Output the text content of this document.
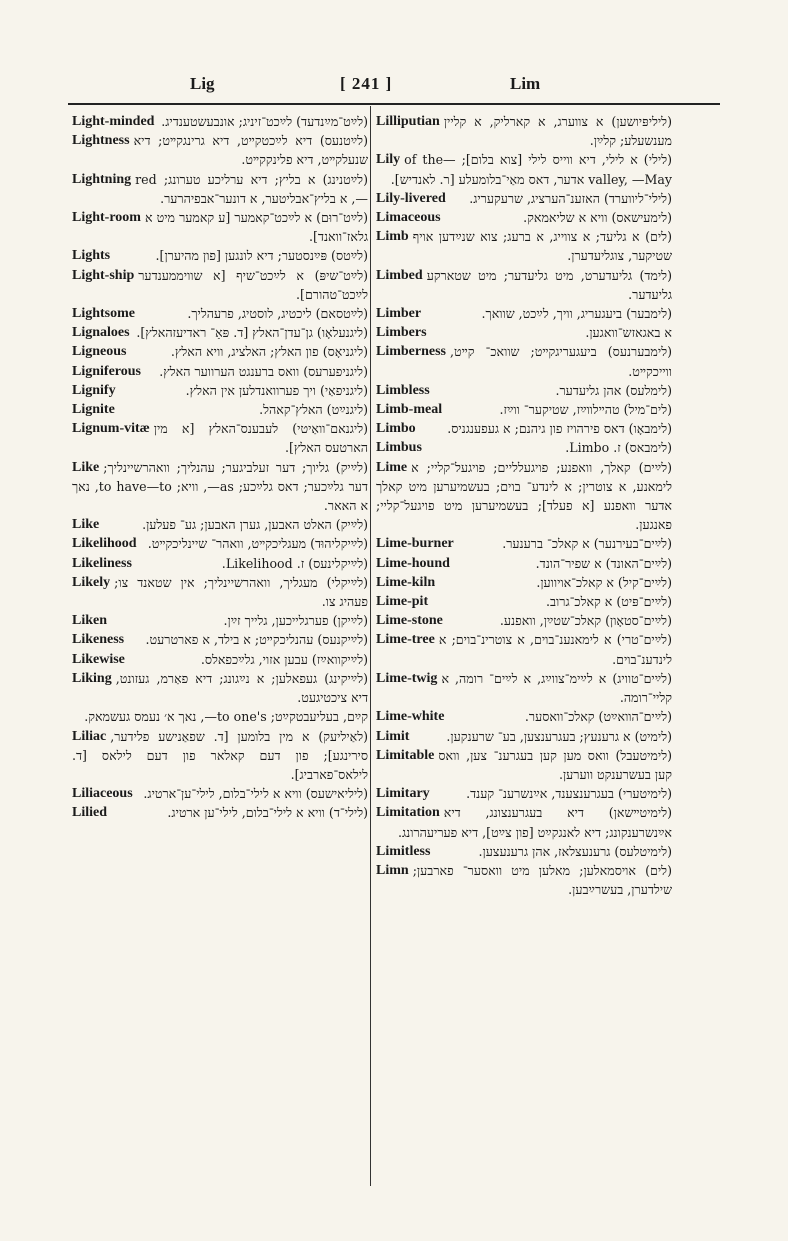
Lig	[ 241 ]	Lim
Light-minded (לײַט־מײַנדעד) לײַכט־זיניג; אונבעשטענדיג.
Lightness (לײַטנעס) דיא לײַכטקײט, דיא גרינגקײט; דיא שנעלקײט, דיא פלינקקײט.
Lightning (לײַטנינג) א בליץ; דיא ערליכע טערונג; red —, א בליץ־אבליטער, א דונער־אבפיהרער.
Light-room (לײַט־רוּם) א לײַכט־קאמער [ע קאמער מיט א גלאז־וואנד].
Lights	(לײַטס) פּײַנסטער; דיא לונגען [פון מהיערן].
Light-ship (לײַט־שיפּ) א לײַכט־שיף [א שוויממענדער לײַכט־טהורם].
Lightsome	(לײַטסאם) ליכטיג, לוסטיג, פרעהליך.
Lignaloes (ליגנעלאָו) גן־עדן־האלץ [ד. פּאַ־ ראדיעזהאלץ].
Ligneous	(ליגניאָס) פון האלץ; האלציג, וויא האלץ.
Ligniferous	(ליגניפערעס) וואס ברענגט הערווער האלץ.
Lignify	(ליגניפאַי) ויך פערוואנדלען אין האלץ.
Lignite	(ליגנײַט) האלץ־קאהל.
Lignum-vitæ (ליגנאם־וואַיטי) לעבענס־האלץ [א מין הארטעס האלץ].
Like (לײַיק) גליוך; דער זעלביגער; עהנליך; וואהרשיינליך; דער גלײַכער; דאס גלײַכע; as—, וויא; to have—to, נאך א האאר.
Like	(לײַיק) האלט האבען, גערן האבען; גע־ פעלען.
Likelihood (לײַיקליהוּד) מעגליכקײט, וואהר־ שיינליכקײט.
Likeliness	(לײַיקלינעס) ז. Likelihood.
Likely (לײַיקלי) מעגליך, וואהרשיינליך; אין שטאנד צו; פעהיג צו.
Liken	(לײַיקן) פערגלייכען, גלייך זײַן.
Likeness	(לײַיקנעס) עהנליכקײט; א בילד, א פארטרעט.
Likewise	(לײַיקוואײַז) עבען אזוי, גלײַכפאלס.
Liking (לײַיקינג) געפאלען; א נײַגונג; דיא פאַרמ, געזונט, דיא ציכטיגעט.
קײַם, בעליעבטקײַט; to one's—, נאך א׳ נעמס געשמאק.
Liliac (לאַיליעק) א מין בלומען [ד. שפאַנישע פלידער, סירינגע]; פון דעם קאלאר פון דעם לילאס [ד. לילאס־פארביג].
Liliaceous (ליליאישעס) וויא א לילי־בלום, לילי־ען־ארטיג.
Lilied	(לילי־ד) וויא א לילי־בלום, לילי־ען ארטיג.
Lilliputian (ליליפּיושען) א צווערג, א קארליק, א קליין מענשעלע; קלײַן.
Lily (לילי) א לילי, דיא ווייס לילי [צוא בלום]; —of the valley, —May אדער, דאס מאַי־בלומעלע [ר. לאנדיש].
Lily-livered	(לילי־ליווערד) האזענ־הערציג, שרעקעריג.
Limaceous	(לימעישאס) וויא א שליאמאק.
Limb (לים) א גליעד; א צווייג, א ברעג; צוא שנײַדען אויף שטיקער, צוגליעדערן.
Limbed (לימד) גליעדערט, מיט גליעדער; מיט שטארקע גליעדער.
Limber	(לימבער) ביעגעריג, וויך, לײַכט, שוואך.
Limbers	א באגאזש־וואגען.
Limberness (לימבערנעס) ביעגעריגקײט; שוואכ־ קײט, ווייכקײט.
Limbless	(לימלעס) אהן גליעדער.
Limb-meal	(לים־מיל) טהײלװײַז, שטיקער־ ווײַז.
Limbo	(לימבאָו) דאס פירהויז פון גיהנם; א געפענגניס.
Limbus	(לימבאס) ז. Limbo.
Lime (לײַים) קאלך, וואפנע; פויגעלליים; פויגעל־קליי; א לימאנע, א צוטרין; א לינדע־ בוים; בעשמיערען מיט קאלך אדער וואפנע [א פעלד]; בעשמיערען מיט פויגעל־קליי; פאנגען.
Lime-burner	(לײַים־בעירנער) א קאלכ־ ברענער.
Lime-hound	(לײַים־האונד) א שפיר־הונד.
Lime-kiln	(לײַים־קיל) א קאלכ־אויווען.
Lime-pit	(לײַים־פּיט) א קאלכ־גרוב.
Lime-stone	(לײַים־סטאָון) קאלכ־שטײַן, וואפנע.
Lime-tree (לײַים־טרי) א לימאנענ־בוים, א צוטרינ־בוים; א לינדענ־בוים.
Lime-twig (לײַים־טוויג) א לײַימ־צווײַג, א לײַים־ רומה, א קליי־רומה.
Lime-white	(לײַים־הוואײַט) קאלכ־וואסער.
Limit	(לימיט) א גרענעץ; בעגרענצען, בע־ שרענקען.
Limitable (לימיטעבל) וואס מען קען בעגרענ־ צען, וואס קען בעשרענקט ווערען.
Limitary	(לימיטערי) בעגרענצענד, אײַנשרענ־ קענד.
Limitation (לימיטײשאן) דיא בעגרענצונג, דיא אײַנשרענקונג; דיא לאנגקײַט [פון צײַט], דיא פעריעהרונג.
Limitless	(לימיטלעס) גרענעצלאז, אהן גרענעצען.
Limn (לים) אויסמאלען; מאלען מיט וואסער־ פארבען; שילדערן, בעשרײַבען.
